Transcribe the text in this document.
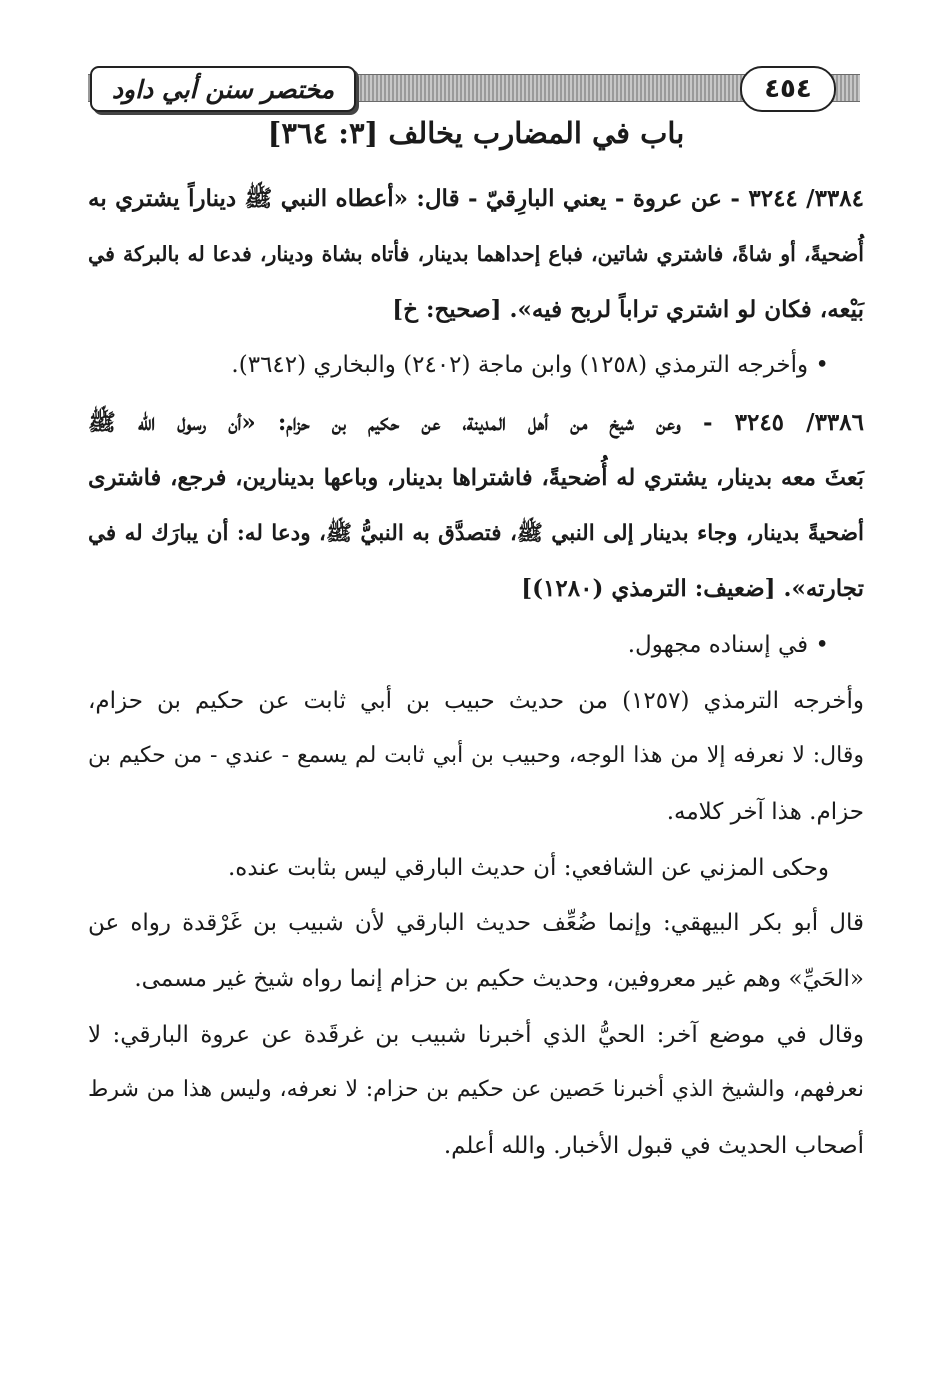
مختصر سنن أبي داود	٤٥٤
باب في المضارب يخالف [٣: ٣٦٤]
٣٣٨٤/ ٣٢٤٤ - عن عروة - يعني البارِقيّ - قال: «أعطاه النبي ﷺ ديناراً يشتري به
أُضحيةً، أو شاةً، فاشتري شاتين، فباع إحداهما بدينار، فأتاه بشاة ودينار، فدعا له بالبركة في
بَيْعه، فكان لو اشتري تراباً لربح فيه». [صحيح: خ]
• وأخرجه الترمذي (١٢٥٨) وابن ماجة (٢٤٠٢) والبخاري (٣٦٤٢).
٣٣٨٦/ ٣٢٤٥ - وعن شيخ من أهل المدينة، عن حكيم بن حزام: «أن رسول الله ﷺ
بَعثَ معه بدينار، يشتري له أُضحيةً، فاشتراها بدينار، وباعها بدينارين، فرجع، فاشترى
أضحيةً بدينار، وجاء بدينار إلى النبي ﷺ، فتصدَّق به النبيُّ ﷺ، ودعا له: أن يبارَك له في
تجارته». [ضعيف: الترمذي (١٢٨٠)]
• في إسناده مجهول.
وأخرجه الترمذي (١٢٥٧) من حديث حبيب بن أبي ثابت عن حكيم بن حزام،
وقال: لا نعرفه إلا من هذا الوجه، وحبيب بن أبي ثابت لم يسمع - عندي - من حكيم بن
حزام. هذا آخر كلامه.
وحكى المزني عن الشافعي: أن حديث البارقي ليس بثابت عنده.
قال أبو بكر البيهقي: وإنما ضُعِّف حديث البارقي لأن شبيب بن غَرْقدة رواه عن
«الحَيِّ» وهم غير معروفين، وحديث حكيم بن حزام إنما رواه شيخ غير مسمى.
وقال في موضع آخر: الحيُّ الذي أخبرنا شبيب بن غرقَدة عن عروة البارقي: لا
نعرفهم، والشيخ الذي أخبرنا حَصين عن حكيم بن حزام: لا نعرفه، وليس هذا من شرط
أصحاب الحديث في قبول الأخبار. والله أعلم.
